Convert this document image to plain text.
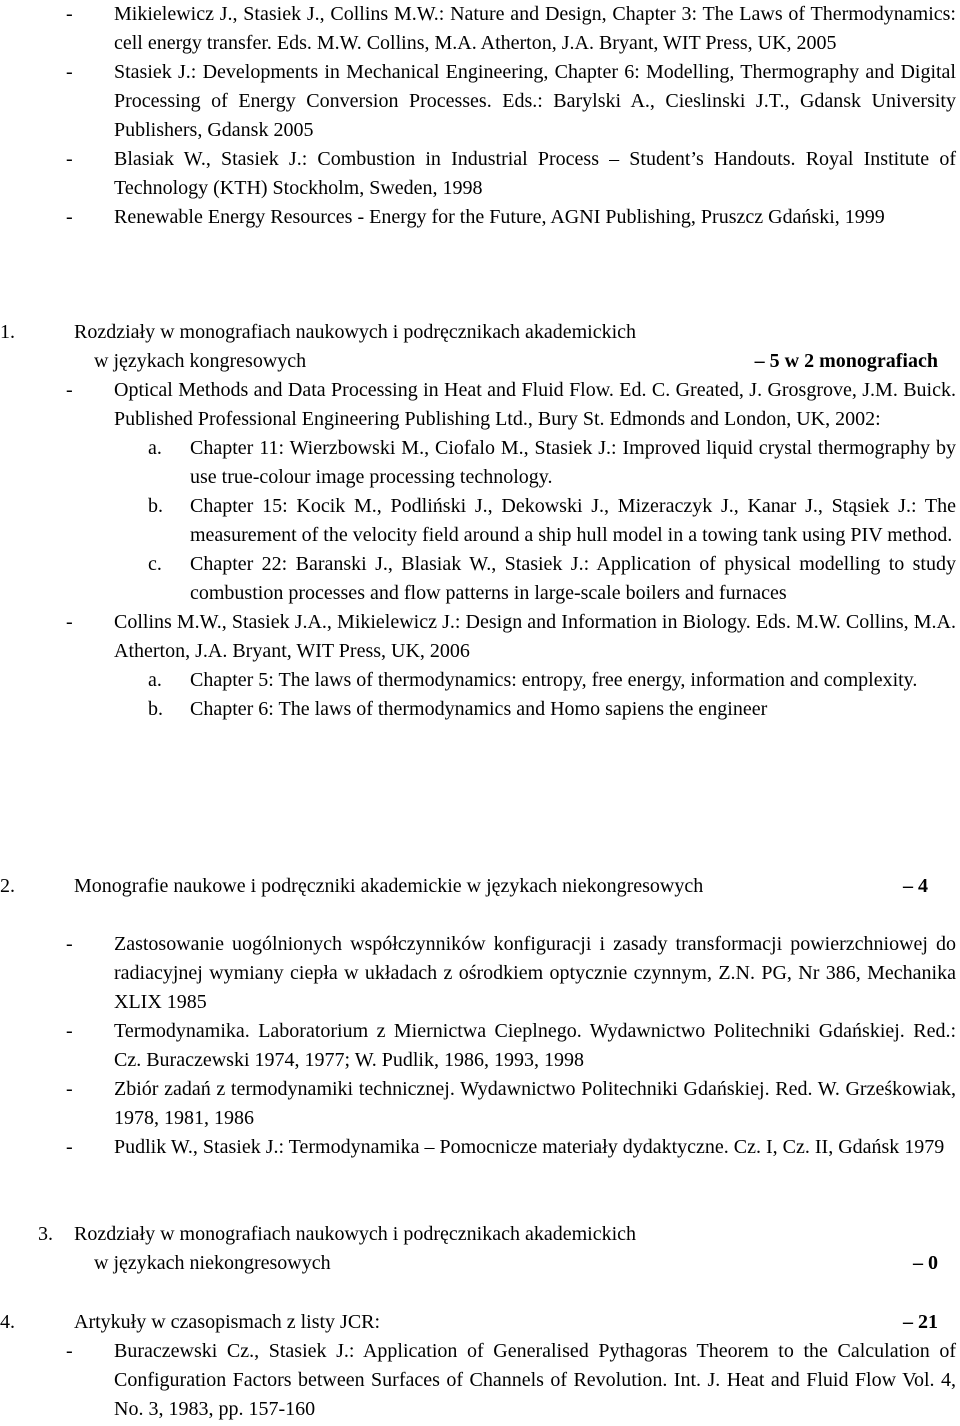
- Mikielewicz J., Stasiek J., Collins M.W.: Nature and Design, Chapter 3: The Laws of Thermodynamics: cell energy transfer. Eds. M.W. Collins, M.A. Atherton, J.A. Bryant, WIT Press, UK, 2005
- Stasiek J.: Developments in Mechanical Engineering, Chapter 6: Modelling, Thermography and Digital Processing of Energy Conversion Processes. Eds.: Barylski A., Cieslinski J.T., Gdansk University Publishers, Gdansk 2005
- Blasiak W., Stasiek J.: Combustion in Industrial Process – Student’s Handouts. Royal Institute of Technology (KTH) Stockholm, Sweden, 1998
- Renewable Energy Resources - Energy for the Future, AGNI Publishing, Pruszcz Gdański, 1999
1.	Rozdziały w monografiach naukowych i podręcznikach akademickich
w językach kongresowych	– 5 w 2 monografiach
- Optical Methods and Data Processing in Heat and Fluid Flow. Ed. C. Greated, J. Grosgrove, J.M. Buick. Published Professional Engineering Publishing Ltd., Bury St. Edmonds and London, UK, 2002:
a. Chapter 11: Wierzbowski M., Ciofalo M., Stasiek J.: Improved liquid crystal thermography by use true-colour image processing technology.
b. Chapter 15: Kocik M., Podliński J., Dekowski J., Mizeraczyk J., Kanar J., Stąsiek J.: The measurement of the velocity field around a ship hull model in a towing tank using PIV method.
c. Chapter 22: Baranski J., Blasiak W., Stasiek J.: Application of physical modelling to study combustion processes and flow patterns in large-scale boilers and furnaces
- Collins M.W., Stasiek J.A., Mikielewicz J.: Design and Information in Biology. Eds. M.W. Collins, M.A. Atherton, J.A. Bryant, WIT Press, UK, 2006
a. Chapter 5: The laws of thermodynamics: entropy, free energy, information and complexity.
b. Chapter 6: The laws of thermodynamics and Homo sapiens the engineer
2.	Monografie naukowe i podręczniki akademickie w językach niekongresowych	– 4
- Zastosowanie uogólnionych współczynników konfiguracji i zasady transformacji powierzchniowej do radiacyjnej wymiany ciepła w układach z ośrodkiem optycznie czynnym, Z.N. PG, Nr 386, Mechanika XLIX 1985
- Termodynamika. Laboratorium z Miernictwa Cieplnego. Wydawnictwo Politechniki Gdańskiej. Red.: Cz. Buraczewski 1974, 1977; W. Pudlik, 1986, 1993, 1998
- Zbiór zadań z termodynamiki technicznej. Wydawnictwo Politechniki Gdańskiej. Red. W. Grześkowiak, 1978, 1981, 1986
- Pudlik W., Stasiek J.: Termodynamika – Pomocnicze materiały dydaktyczne. Cz. I, Cz. II, Gdańsk 1979
3. Rozdziały w monografiach naukowych i podręcznikach akademickich
w językach niekongresowych	– 0
4.	Artykuły w czasopismach z listy JCR:	– 21
- Buraczewski Cz., Stasiek J.: Application of Generalised Pythagoras Theorem to the Calculation of Configuration Factors between Surfaces of Channels of Revolution. Int. J. Heat and Fluid Flow Vol. 4, No. 3, 1983, pp. 157-160
